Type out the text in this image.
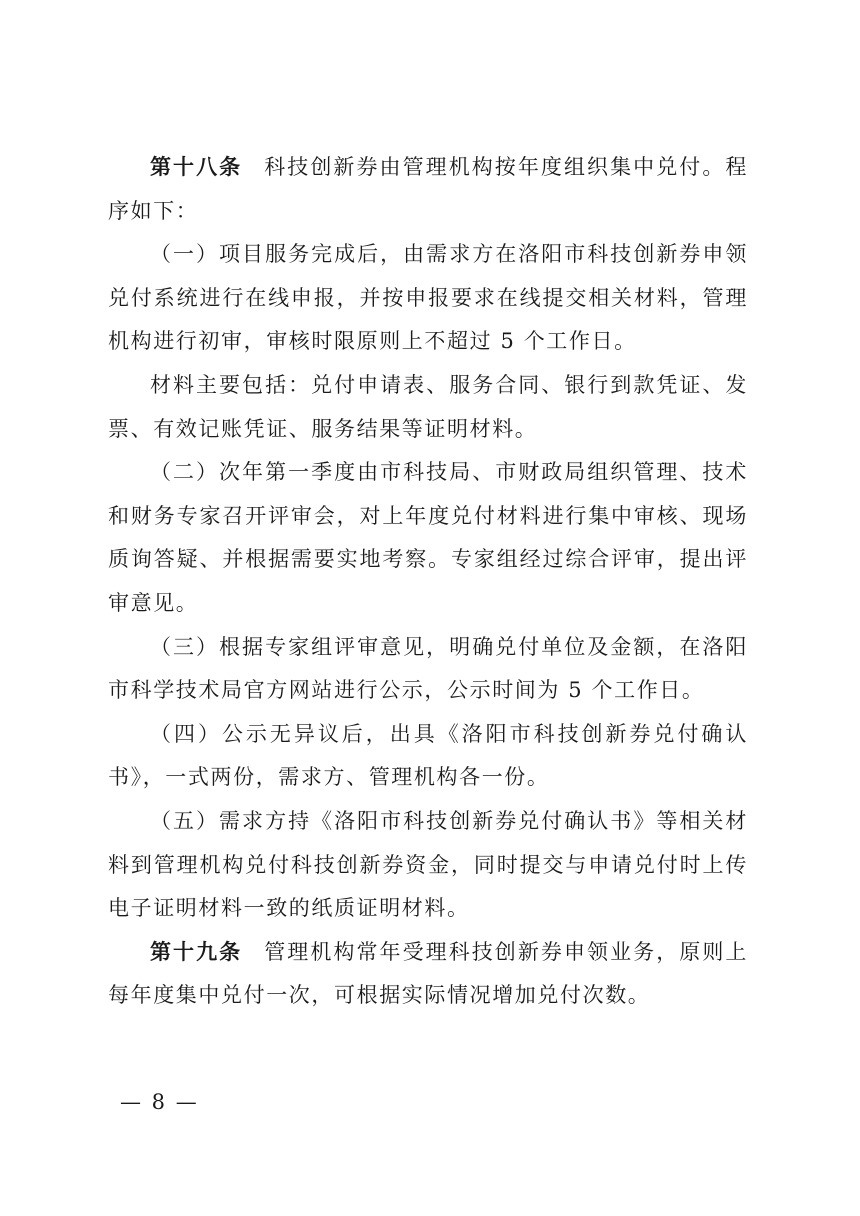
第十八条 科技创新券由管理机构按年度组织集中兑付。程序如下：

（一）项目服务完成后，由需求方在洛阳市科技创新券申领兑付系统进行在线申报，并按申报要求在线提交相关材料，管理机构进行初审，审核时限原则上不超过 5 个工作日。

材料主要包括：兑付申请表、服务合同、银行到款凭证、发票、有效记账凭证、服务结果等证明材料。

（二）次年第一季度由市科技局、市财政局组织管理、技术和财务专家召开评审会，对上年度兑付材料进行集中审核、现场质询答疑、并根据需要实地考察。专家组经过综合评审，提出评审意见。

（三）根据专家组评审意见，明确兑付单位及金额，在洛阳市科学技术局官方网站进行公示，公示时间为 5 个工作日。

（四）公示无异议后，出具《洛阳市科技创新券兑付确认书》，一式两份，需求方、管理机构各一份。

（五）需求方持《洛阳市科技创新券兑付确认书》等相关材料到管理机构兑付科技创新券资金，同时提交与申请兑付时上传电子证明材料一致的纸质证明材料。

第十九条 管理机构常年受理科技创新券申领业务，原则上每年度集中兑付一次，可根据实际情况增加兑付次数。

— 8 —
